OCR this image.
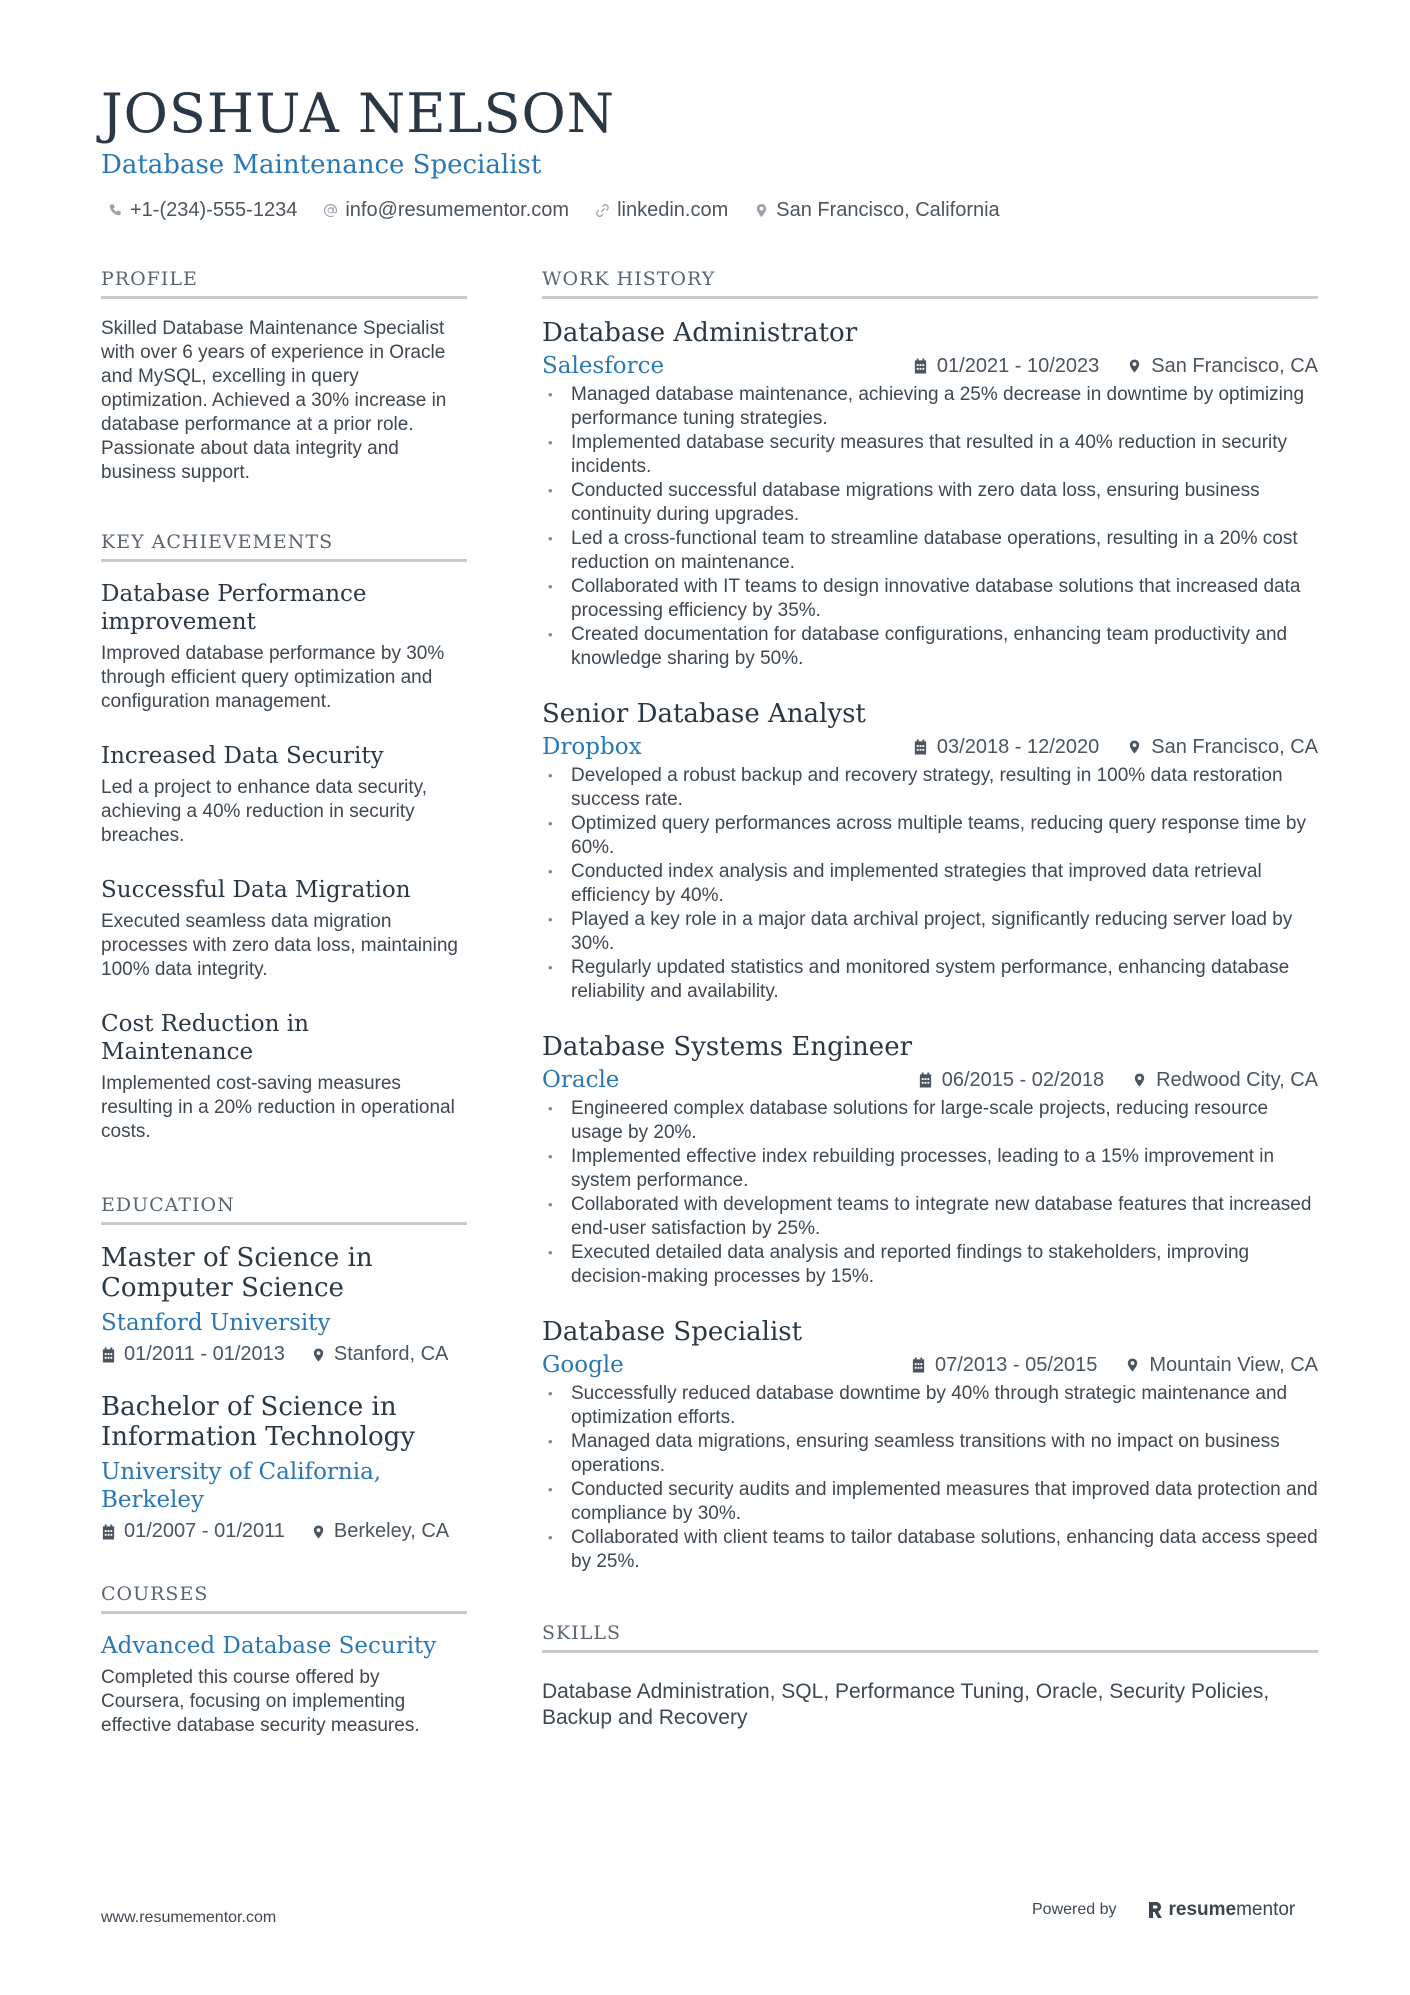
JOSHUA NELSON
Database Maintenance Specialist
+1-(234)-555-1234 info@resumementor.com linkedin.com San Francisco, California
PROFILE

Skilled Database Maintenance Specialist with over 6 years of experience in Oracle and MySQL, excelling in query optimization. Achieved a 30% increase in database performance at a prior role. Passionate about data integrity and business support.

KEY ACHIEVEMENTS
Database Performance improvement

Improved database performance by 30% through efficient query optimization and configuration management.

Increased Data Security

Led a project to enhance data security, achieving a 40% reduction in security breaches.

Successful Data Migration

Executed seamless data migration processes with zero data loss, maintaining 100% data integrity.

Cost Reduction in Maintenance

Implemented cost-saving measures resulting in a 20% reduction in operational costs.

EDUCATION
Master of Science in Computer Science
Stanford University
01/2011 - 01/2013 Stanford, CA
Bachelor of Science in Information Technology
University of California, Berkeley
01/2007 - 01/2011 Berkeley, CA
COURSES
Advanced Database Security

Completed this course offered by Coursera, focusing on implementing effective database security measures.

WORK HISTORY
Database Administrator
Salesforce	01/2021 - 10/2023	San Francisco, CA
• Managed database maintenance, achieving a 25% decrease in downtime by optimizing performance tuning strategies.
• Implemented database security measures that resulted in a 40% reduction in security incidents.
• Conducted successful database migrations with zero data loss, ensuring business continuity during upgrades.
• Led a cross-functional team to streamline database operations, resulting in a 20% cost reduction on maintenance.
• Collaborated with IT teams to design innovative database solutions that increased data processing efficiency by 35%.
• Created documentation for database configurations, enhancing team productivity and knowledge sharing by 50%.
Senior Database Analyst
Dropbox	03/2018 - 12/2020	San Francisco, CA
• Developed a robust backup and recovery strategy, resulting in 100% data restoration success rate.
• Optimized query performances across multiple teams, reducing query response time by 60%.
• Conducted index analysis and implemented strategies that improved data retrieval efficiency by 40%.
• Played a key role in a major data archival project, significantly reducing server load by 30%.
• Regularly updated statistics and monitored system performance, enhancing database reliability and availability.
Database Systems Engineer
Oracle	06/2015 - 02/2018	Redwood City, CA
• Engineered complex database solutions for large-scale projects, reducing resource usage by 20%.
• Implemented effective index rebuilding processes, leading to a 15% improvement in system performance.
• Collaborated with development teams to integrate new database features that increased end-user satisfaction by 25%.
• Executed detailed data analysis and reported findings to stakeholders, improving decision-making processes by 15%.
Database Specialist
Google	07/2013 - 05/2015	Mountain View, CA
• Successfully reduced database downtime by 40% through strategic maintenance and optimization efforts.
• Managed data migrations, ensuring seamless transitions with no impact on business operations.
• Conducted security audits and implemented measures that improved data protection and compliance by 30%.
• Collaborated with client teams to tailor database solutions, enhancing data access speed by 25%.
SKILLS

Database Administration, SQL, Performance Tuning, Oracle, Security Policies, Backup and Recovery

www.resumementor.com	Powered by	resume mentor
